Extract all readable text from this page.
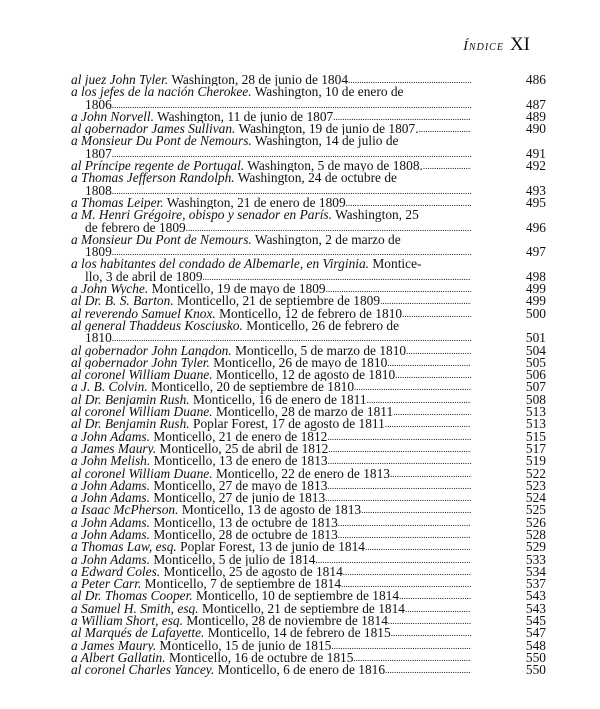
Índice XI
al juez John Tyler. Washington, 28 de junio de 1804 .....	486
a los jefes de la nación Cherokee. Washington, 10 de enero de
1806 .....	487
a John Norvell. Washington, 11 de junio de 1807 .....	489
al gobernador James Sullivan. Washington, 19 de junio de 1807. .....	490
a Monsieur Du Pont de Nemours. Washington, 14 de julio de
1807 .....	491
al Príncipe regente de Portugal. Washington, 5 de mayo de 1808. .....	492
a Thomas Jefferson Randolph. Washington, 24 de octubre de
1808 .....	493
a Thomas Leiper. Washington, 21 de enero de 1809 .....	495
a M. Henri Grégoire, obispo y senador en París. Washington, 25
de febrero de 1809 .....	496
a Monsieur Du Pont de Nemours. Washington, 2 de marzo de
1809 .....	497
a los habitantes del condado de Albemarle, en Virginia. Montice-
llo, 3 de abril de 1809 .....	498
a John Wyche. Monticello, 19 de mayo de 1809 .....	499
al Dr. B. S. Barton. Monticello, 21 de septiembre de 1809 .....	499
al reverendo Samuel Knox. Monticello, 12 de febrero de 1810 .....	500
al general Thaddeus Kosciusko. Monticello, 26 de febrero de
1810 .....	501
al gobernador John Langdon. Monticello, 5 de marzo de 1810 .....	504
al gobernador John Tyler. Monticello, 26 de mayo de 1810 .....	505
al coronel William Duane. Monticello, 12 de agosto de 1810 .....	506
a J. B. Colvin. Monticello, 20 de septiembre de 1810 .....	507
al Dr. Benjamin Rush. Monticello, 16 de enero de 1811 .....	508
al coronel William Duane. Monticello, 28 de marzo de 1811 .....	513
al Dr. Benjamin Rush. Poplar Forest, 17 de agosto de 1811 .....	513
a John Adams. Monticello, 21 de enero de 1812 .....	515
a James Maury. Monticello, 25 de abril de 1812 .....	517
a John Melish. Monticello, 13 de enero de 1813 .....	519
al coronel William Duane. Monticello, 22 de enero de 1813 .....	522
a John Adams. Monticello, 27 de mayo de 1813 .....	523
a John Adams. Monticello, 27 de junio de 1813 .....	524
a Isaac McPherson. Monticello, 13 de agosto de 1813 .....	525
a John Adams. Monticello, 13 de octubre de 1813 .....	526
a John Adams. Monticello, 28 de octubre de 1813 .....	528
a Thomas Law, esq. Poplar Forest, 13 de junio de 1814 .....	529
a John Adams. Monticello, 5 de julio de 1814 .....	533
a Edward Coles. Monticello, 25 de agosto de 1814 .....	534
a Peter Carr. Monticello, 7 de septiembre de 1814 .....	537
al Dr. Thomas Cooper. Monticello, 10 de septiembre de 1814 .....	543
a Samuel H. Smith, esq. Monticello, 21 de septiembre de 1814 .....	543
a William Short, esq. Monticello, 28 de noviembre de 1814 .....	545
al Marqués de Lafayette. Monticello, 14 de febrero de 1815 .....	547
a James Maury. Monticello, 15 de junio de 1815 .....	548
a Albert Gallatin. Monticello, 16 de octubre de 1815 .....	550
al coronel Charles Yancey. Monticello, 6 de enero de 1816 .....	550
